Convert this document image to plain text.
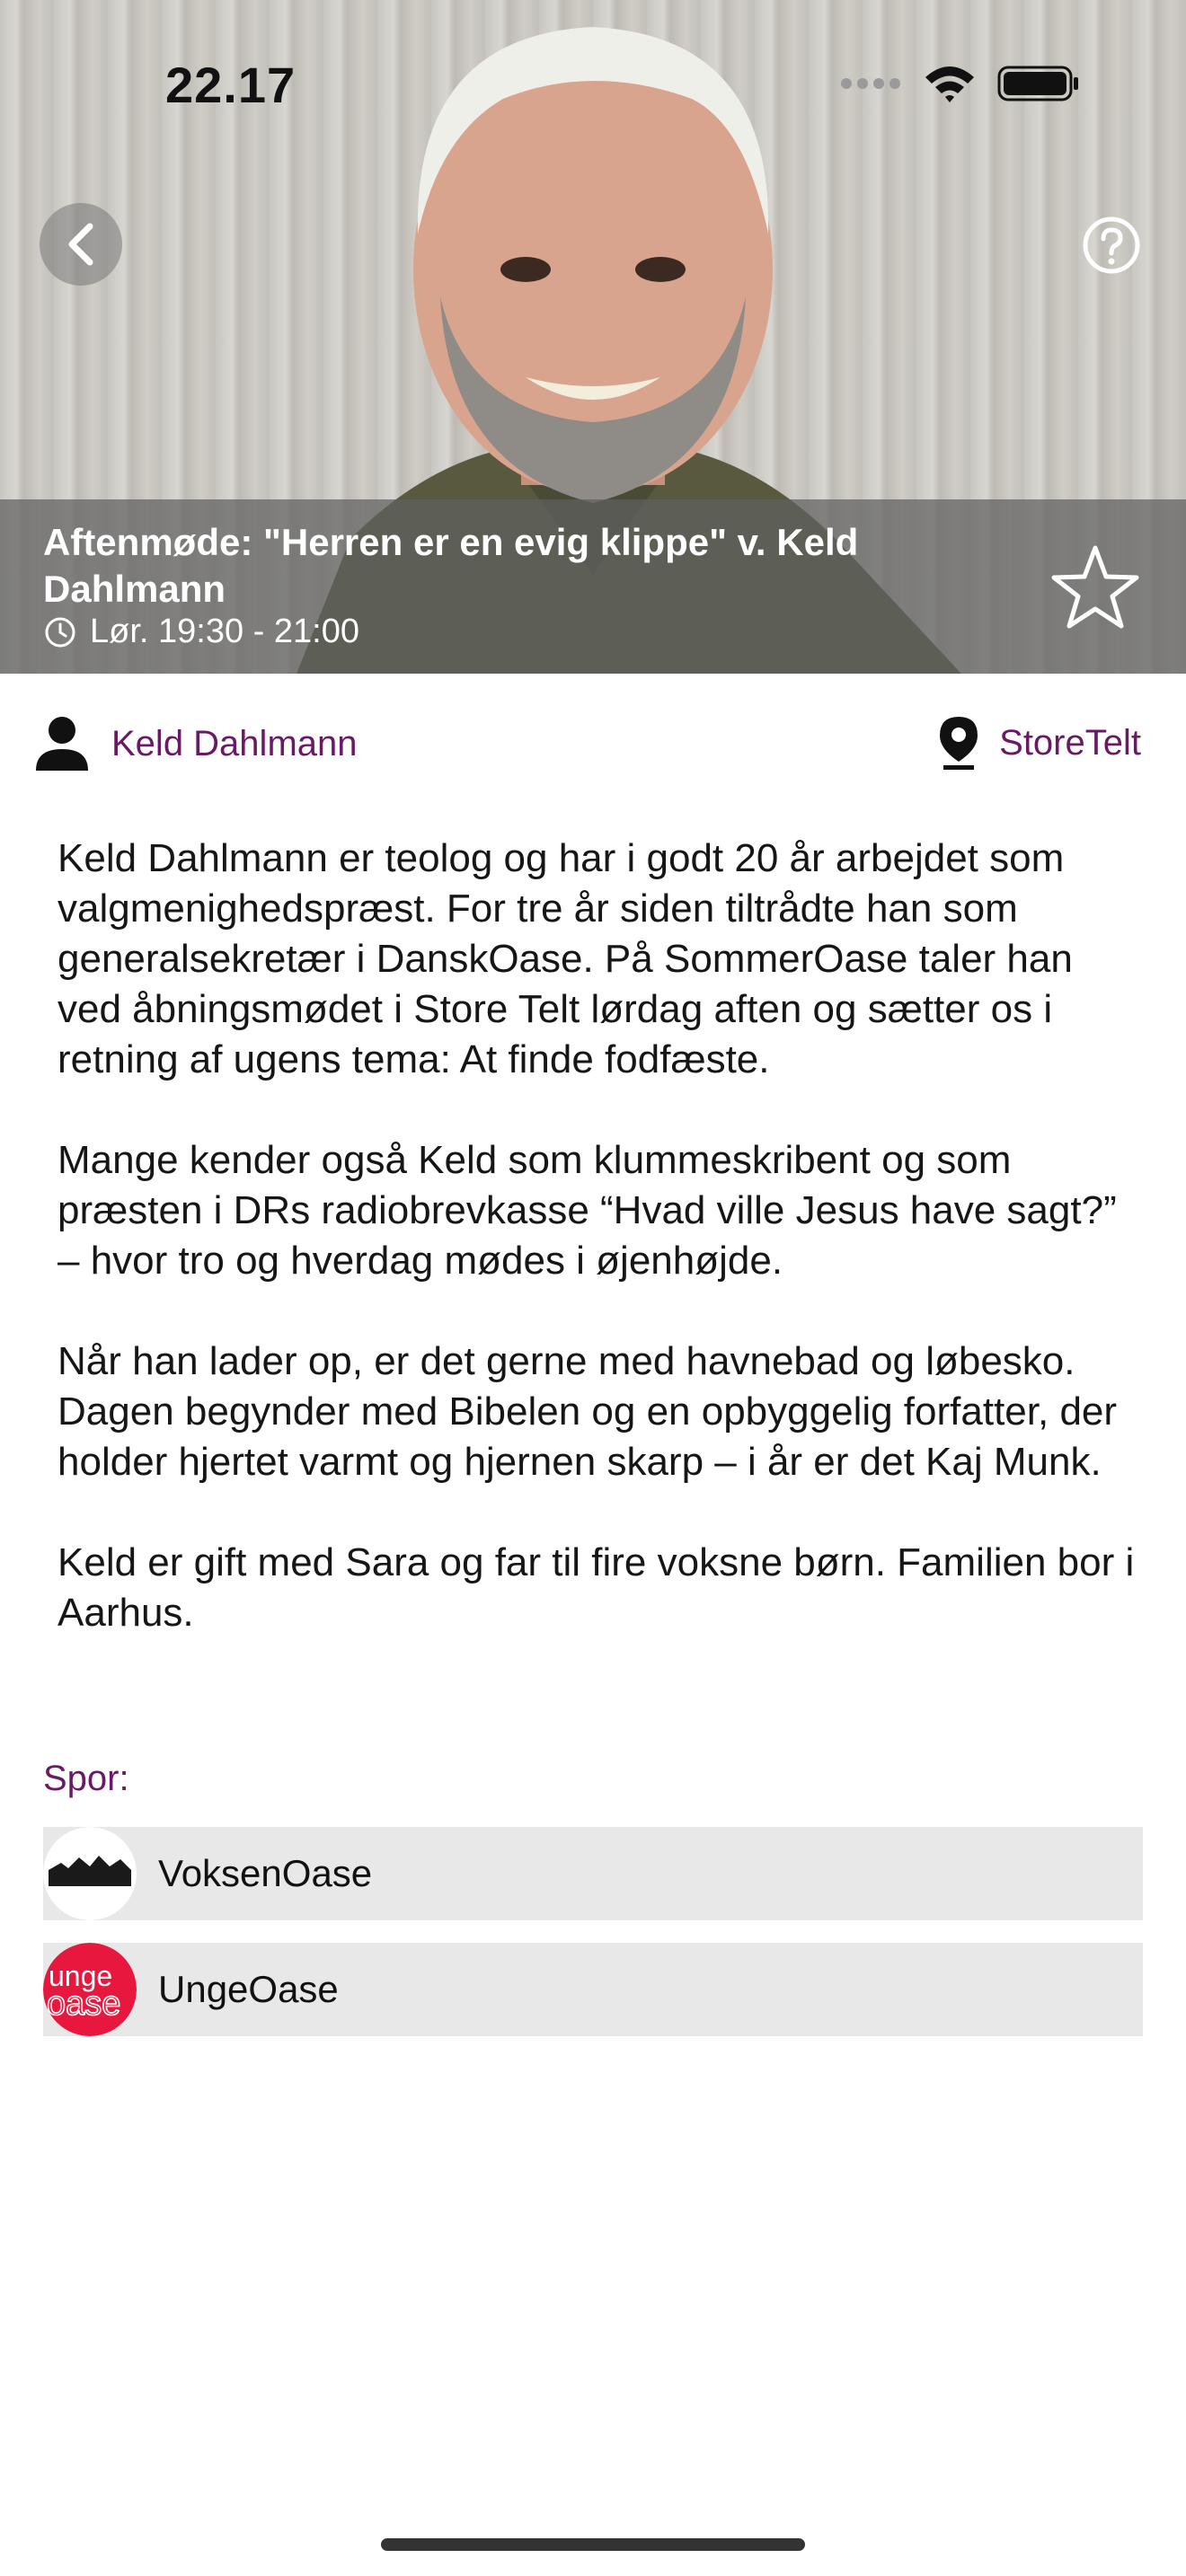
22.17
Aftenmøde: "Herren er en evig klippe" v. Keld Dahlmann
Lør. 19:30 - 21:00
Keld Dahlmann	StoreTelt

Keld Dahlmann er teolog og har i godt 20 år arbejdet som valgmenighedspræst. For tre år siden tiltrådte han som generalsekretær i DanskOase. På SommerOase taler han ved åbningsmødet i Store Telt lørdag aften og sætter os i retning af ugens tema: At finde fodfæste.

Mange kender også Keld som klummeskribent og som præsten i DRs radiobrevkasse “Hvad ville Jesus have sagt?” – hvor tro og hverdag mødes i øjenhøjde.

Når han lader op, er det gerne med havnebad og løbesko. Dagen begynder med Bibelen og en opbyggelig forfatter, der holder hjertet varmt og hjernen skarp – i år er det Kaj Munk.

Keld er gift med Sara og far til fire voksne børn. Familien bor i Aarhus.

Spor:
VoksenOase
unge
oase UngeOase
